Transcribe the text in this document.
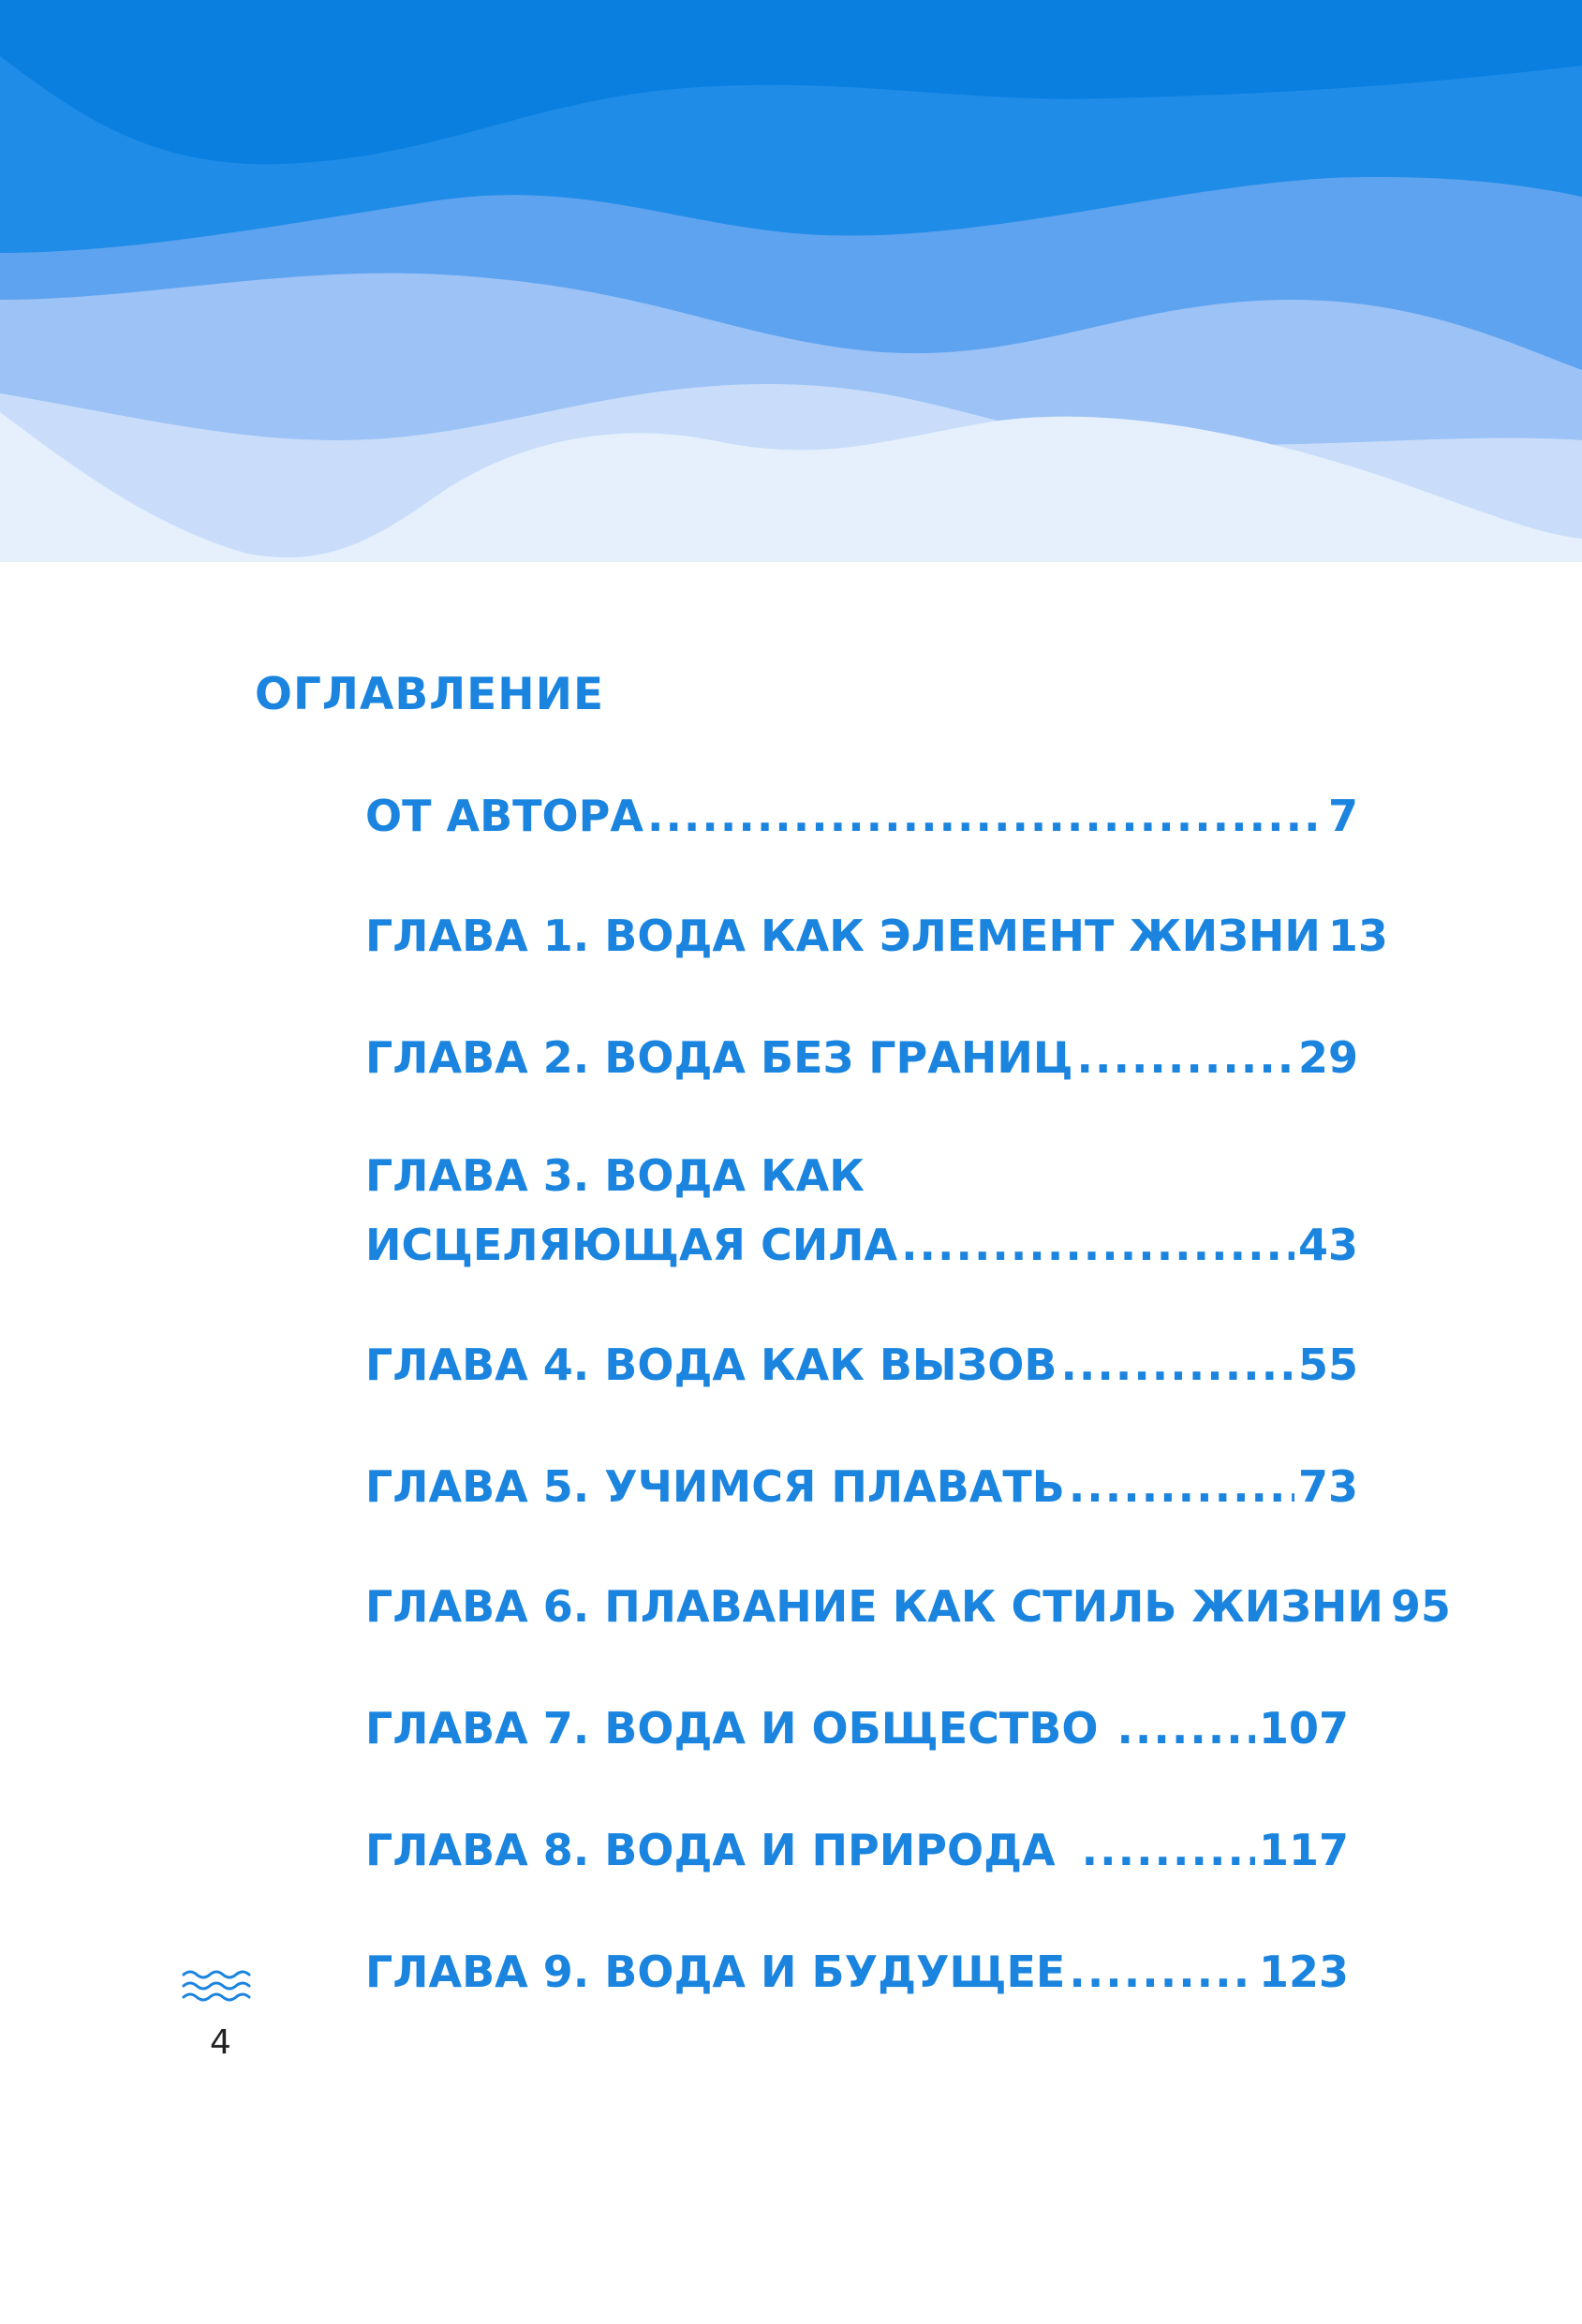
ОГЛАВЛЕНИЕ
ОТ АВТОРА .....	7
ГЛАВА 1. ВОДА КАК ЭЛЕМЕНТ ЖИЗНИ 13
ГЛАВА 2. ВОДА БЕЗ ГРАНИЦ .....	29
ГЛАВА 3. ВОДА КАК
ИСЦЕЛЯЮЩАЯ СИЛА .....	43
ГЛАВА 4. ВОДА КАК ВЫЗОВ .....	55
ГЛАВА 5. УЧИМСЯ ПЛАВАТЬ .....	73
ГЛАВА 6. ПЛАВАНИЕ КАК СТИЛЬ ЖИЗНИ 95
ГЛАВА 7. ВОДА И ОБЩЕСТВО .....	107
ГЛАВА 8. ВОДА И ПРИРОДА .....	117
ГЛАВА 9. ВОДА И БУДУЩЕЕ .....	123
4
